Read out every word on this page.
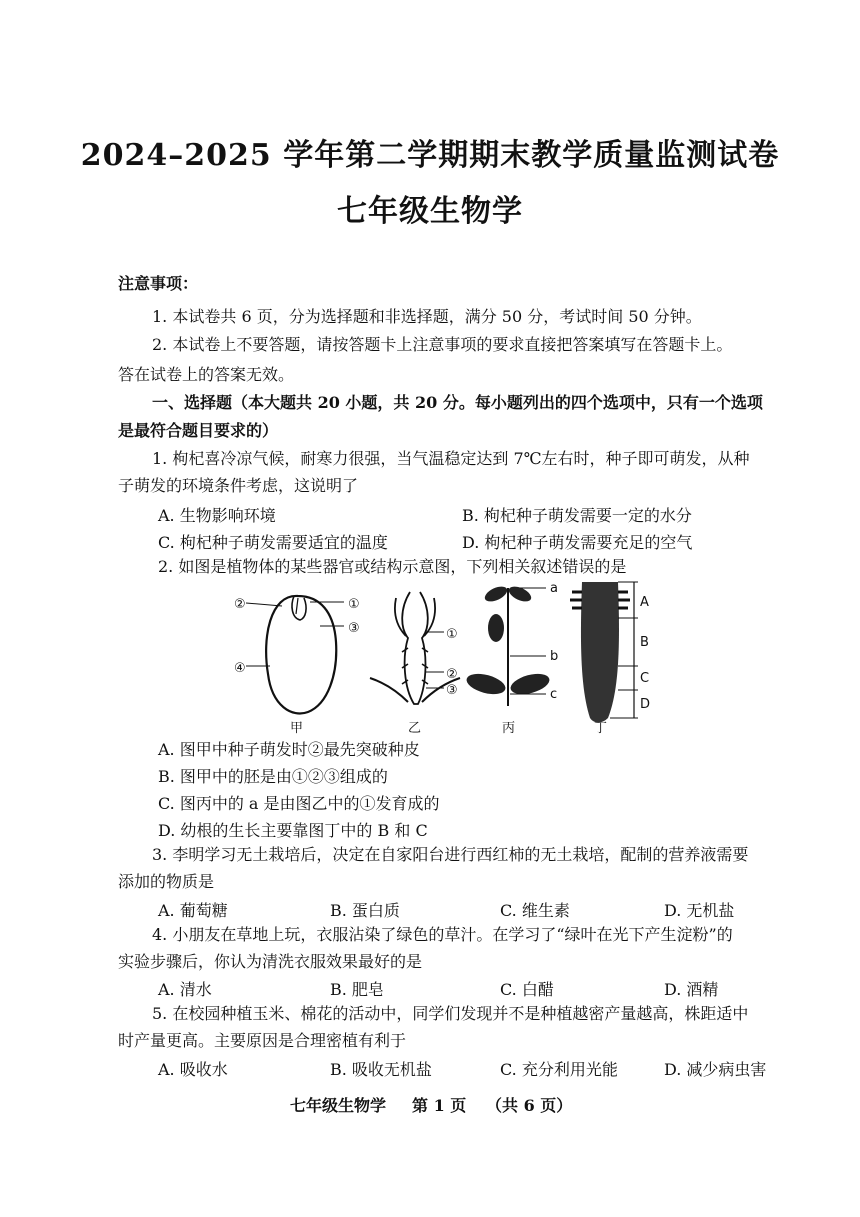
2024–2025 学年第二学期期末教学质量监测试卷
七年级生物学
注意事项：
1. 本试卷共 6 页，分为选择题和非选择题，满分 50 分，考试时间 50 分钟。
2. 本试卷上不要答题，请按答题卡上注意事项的要求直接把答案填写在答题卡上。
答在试卷上的答案无效。
一、选择题（本大题共 20 小题，共 20 分。每小题列出的四个选项中，只有一个选项
是最符合题目要求的）
1. 枸杞喜冷凉气候，耐寒力很强，当气温稳定达到 7℃左右时，种子即可萌发，从种
子萌发的环境条件考虑，这说明了
A. 生物影响环境	B. 枸杞种子萌发需要一定的水分
C. 枸杞种子萌发需要适宜的温度	D. 枸杞种子萌发需要充足的空气
2. 如图是植物体的某些器官或结构示意图，下列相关叙述错误的是
②	①
③
④
甲
①
②
③
乙
a
b
c
丙
A
B
C
D
丁
A. 图甲中种子萌发时②最先突破种皮
B. 图甲中的胚是由①②③组成的
C. 图丙中的 a 是由图乙中的①发育成的
D. 幼根的生长主要靠图丁中的 B 和 C
3. 李明学习无土栽培后，决定在自家阳台进行西红柿的无土栽培，配制的营养液需要
添加的物质是
A. 葡萄糖	B. 蛋白质	C. 维生素	D. 无机盐
4. 小朋友在草地上玩，衣服沾染了绿色的草汁。在学习了“绿叶在光下产生淀粉”的
实验步骤后，你认为清洗衣服效果最好的是
A. 清水	B. 肥皂	C. 白醋	D. 酒精
5. 在校园种植玉米、棉花的活动中，同学们发现并不是种植越密产量越高，株距适中
时产量更高。主要原因是合理密植有利于
A. 吸收水	B. 吸收无机盐	C. 充分利用光能	D. 减少病虫害
七年级生物学 第 1 页 （共 6 页）
